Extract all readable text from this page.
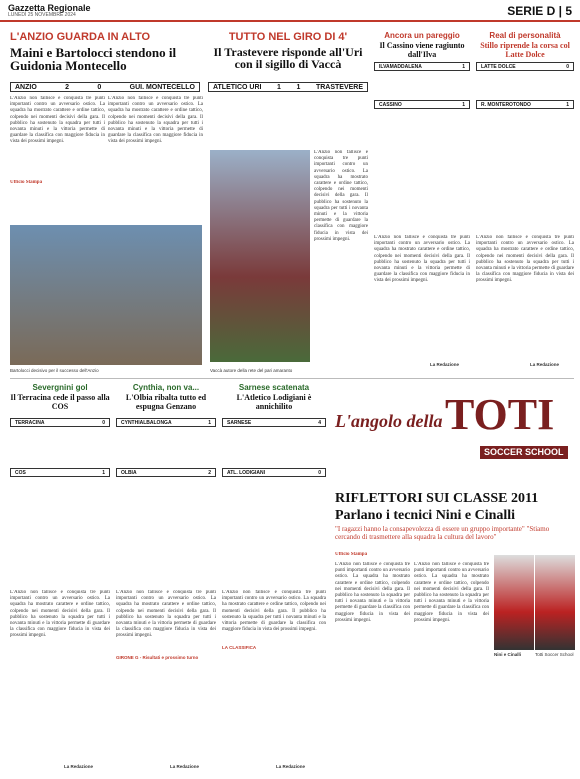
Gazzetta Regionale
LUNEDÌ 25 NOVEMBRE 2024	SERIE D | 5
L'ANZIO GUARDA IN ALTO
Maini e Bartolocci stendono il Guidonia Montecello
ANZIO	2	0	GUI. MONTECELLO
L'Anzio non fallisce e conquista tre punti importanti contro un avversario ostico. La squadra ha mostrato carattere e ordine tattico, colpendo nei momenti decisivi della gara. Il pubblico ha sostenuto la squadra per tutti i novanta minuti e la vittoria permette di guardare la classifica con maggiore fiducia in vista dei prossimi impegni.
L'Anzio non fallisce e conquista tre punti importanti contro un avversario ostico. La squadra ha mostrato carattere e ordine tattico, colpendo nei momenti decisivi della gara. Il pubblico ha sostenuto la squadra per tutti i novanta minuti e la vittoria permette di guardare la classifica con maggiore fiducia in vista dei prossimi impegni.
Ufficio Stampa
Bartolocci decisivo per il successo dell'Anzio
TUTTO NEL GIRO DI 4'
Il Trastevere risponde all'Uri con il sigillo di Vaccà
ATLETICO URI 1 1 TRASTEVERE
L'Anzio non fallisce e conquista tre punti importanti contro un avversario ostico. La squadra ha mostrato carattere e ordine tattico, colpendo nei momenti decisivi della gara. Il pubblico ha sostenuto la squadra per tutti i novanta minuti e la vittoria permette di guardare la classifica con maggiore fiducia in vista dei prossimi impegni.
Vaccà autore della rete del pari amaranto
Ancora un pareggio
Il Cassino viene ragiunto dall'Ilva
ILVAMADDALENA	1
CASSINO	1
L'Anzio non fallisce e conquista tre punti importanti contro un avversario ostico. La squadra ha mostrato carattere e ordine tattico, colpendo nei momenti decisivi della gara. Il pubblico ha sostenuto la squadra per tutti i novanta minuti e la vittoria permette di guardare la classifica con maggiore fiducia in vista dei prossimi impegni.
La Redazione
Real di personalità
Stillo riprende la corsa col Latte Dolce
LATTE DOLCE	0
R. MONTEROTONDO	1
L'Anzio non fallisce e conquista tre punti importanti contro un avversario ostico. La squadra ha mostrato carattere e ordine tattico, colpendo nei momenti decisivi della gara. Il pubblico ha sostenuto la squadra per tutti i novanta minuti e la vittoria permette di guardare la classifica con maggiore fiducia in vista dei prossimi impegni.
La Redazione
Severgnini gol
Il Terracina cede il passo alla COS
TERRACINA	0
COS	1
L'Anzio non fallisce e conquista tre punti importanti contro un avversario ostico. La squadra ha mostrato carattere e ordine tattico, colpendo nei momenti decisivi della gara. Il pubblico ha sostenuto la squadra per tutti i novanta minuti e la vittoria permette di guardare la classifica con maggiore fiducia in vista dei prossimi impegni.
La Redazione
Cynthia, non va...
L'Olbia ribalta tutto ed espugna Genzano
CYNTHIALBALONGA	1
OLBIA	2
L'Anzio non fallisce e conquista tre punti importanti contro un avversario ostico. La squadra ha mostrato carattere e ordine tattico, colpendo nei momenti decisivi della gara. Il pubblico ha sostenuto la squadra per tutti i novanta minuti e la vittoria permette di guardare la classifica con maggiore fiducia in vista dei prossimi impegni.
GIRONE G - Risultati e prossimo turno
La Redazione
Sarnese scatenata
L'Atletico Lodigiani è annichilito
SARNESE	4
ATL. LODIGIANI	0
L'Anzio non fallisce e conquista tre punti importanti contro un avversario ostico. La squadra ha mostrato carattere e ordine tattico, colpendo nei momenti decisivi della gara. Il pubblico ha sostenuto la squadra per tutti i novanta minuti e la vittoria permette di guardare la classifica con maggiore fiducia in vista dei prossimi impegni.
LA CLASSIFICA
La Redazione
L'angolo della TOTI
SOCCER SCHOOL
RIFLETTORI SUI CLASSE 2011
Parlano i tecnici Nini e Cinalli
"I ragazzi hanno la consapevolezza di essere un gruppo importante" "Stiamo cercando di trasmettere alla squadra la cultura del lavoro"
Ufficio Stampa
L'Anzio non fallisce e conquista tre punti importanti contro un avversario ostico. La squadra ha mostrato carattere e ordine tattico, colpendo nei momenti decisivi della gara. Il pubblico ha sostenuto la squadra per tutti i novanta minuti e la vittoria permette di guardare la classifica con maggiore fiducia in vista dei prossimi impegni.
L'Anzio non fallisce e conquista tre punti importanti contro un avversario ostico. La squadra ha mostrato carattere e ordine tattico, colpendo nei momenti decisivi della gara. Il pubblico ha sostenuto la squadra per tutti i novanta minuti e la vittoria permette di guardare la classifica con maggiore fiducia in vista dei prossimi impegni.
Nini e Cinalli	Totti Soccer School
